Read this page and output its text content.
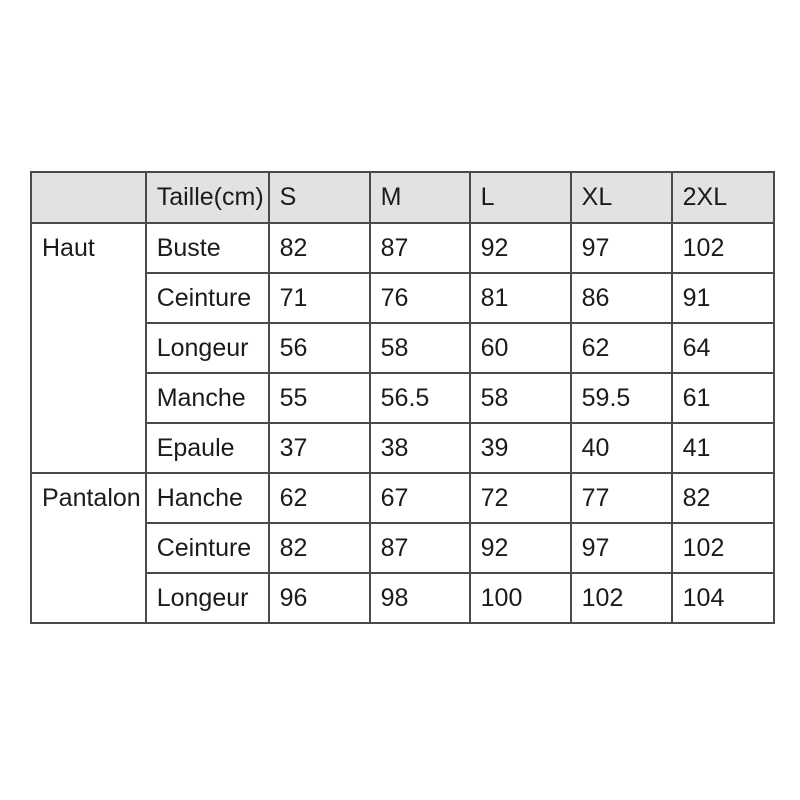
	Taille(cm)	S	M	L	XL	2XL
Haut	Buste	82	87	92	97	102
	Ceinture	71	76	81	86	91
	Longeur	56	58	60	62	64
	Manche	55	56.5	58	59.5	61
	Epaule	37	38	39	40	41
Pantalon	Hanche	62	67	72	77	82
	Ceinture	82	87	92	97	102
	Longeur	96	98	100	102	104
